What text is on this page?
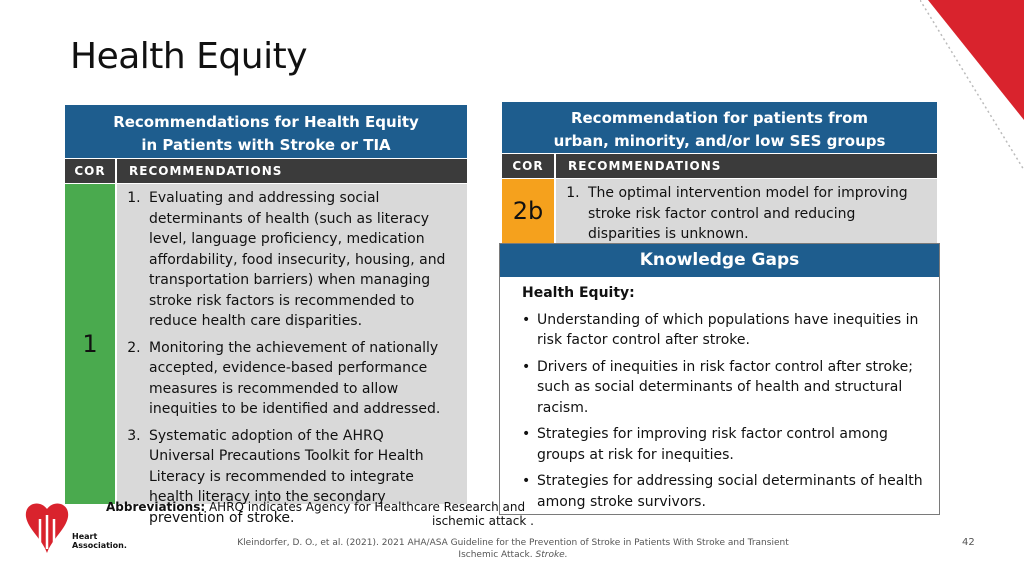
Health Equity
Recommendations for Health Equity
in Patients with Stroke or TIA
COR	RECOMMENDATIONS
1
1. Evaluating and addressing social determinants of health (such as literacy level, language proficiency, medication affordability, food insecurity, housing, and transportation barriers) when managing stroke risk factors is recommended to reduce health care disparities.
2. Monitoring the achievement of nationally accepted, evidence-based performance measures is recommended to allow inequities to be identified and addressed.
3. Systematic adoption of the AHRQ Universal Precautions Toolkit for Health Literacy is recommended to integrate health literacy into the secondary prevention of stroke.
Recommendation for patients from
urban, minority, and/or low SES groups
COR	RECOMMENDATIONS
2b
1. The optimal intervention model for improving stroke risk factor control and reducing disparities is unknown.
Knowledge Gaps
Health Equity:
• Understanding of which populations have inequities in risk factor control after stroke.
• Drivers of inequities in risk factor control after stroke; such as social determinants of health and structural racism.
• Strategies for improving risk factor control among groups at risk for inequities.
• Strategies for addressing social determinants of health among stroke survivors.
Abbreviations: AHRQ indicates Agency for Healthcare Research and
ischemic attack .
Heart
Association.	Kleindorfer, D. O., et al. (2021). 2021 AHA/ASA Guideline for the Prevention of Stroke in Patients With Stroke and Transient
Ischemic Attack. Stroke.
42
